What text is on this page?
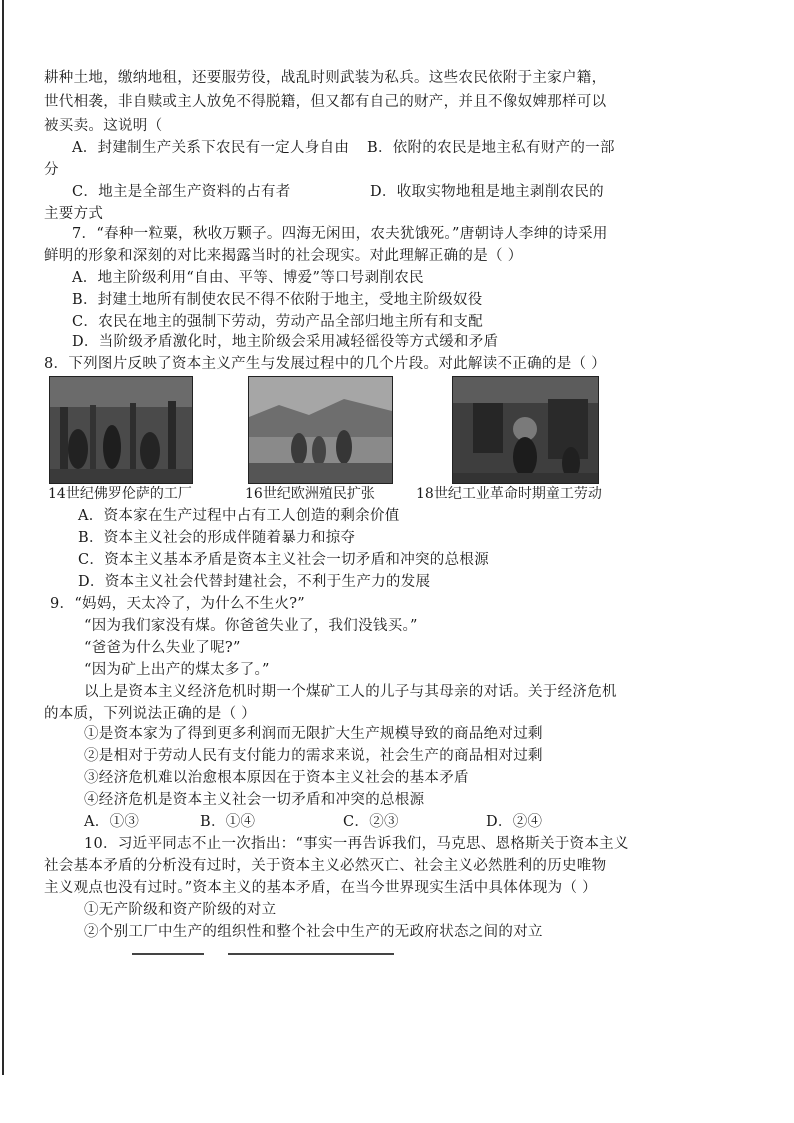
耕种土地，缴纳地租，还要服劳役，战乱时则武装为私兵。这些农民依附于主家户籍，
世代相袭，非自赎或主人放免不得脱籍，但又都有自己的财产，并且不像奴婢那样可以
被买卖。这说明（
A．封建制生产关系下农民有一定人身自由 B．依附的农民是地主私有财产的一部
分
C．地主是全部生产资料的占有者	D．收取实物地租是地主剥削农民的
主要方式
7．“春种一粒粟，秋收万颗子。四海无闲田，农夫犹饿死。”唐朝诗人李绅的诗采用
鲜明的形象和深刻的对比来揭露当时的社会现实。对此理解正确的是（ ）
A．地主阶级利用“自由、平等、博爱”等口号剥削农民
B．封建土地所有制使农民不得不依附于地主，受地主阶级奴役
C．农民在地主的强制下劳动，劳动产品全部归地主所有和支配
D．当阶级矛盾激化时，地主阶级会采用减轻徭役等方式缓和矛盾
8．下列图片反映了资本主义产生与发展过程中的几个片段。对此解读不正确的是（ ）
14世纪佛罗伦萨的工厂	16世纪欧洲殖民扩张	18世纪工业革命时期童工劳动
A．资本家在生产过程中占有工人创造的剩余价值
B．资本主义社会的形成伴随着暴力和掠夺
C．资本主义基本矛盾是资本主义社会一切矛盾和冲突的总根源
D．资本主义社会代替封建社会，不利于生产力的发展
9．“妈妈，天太冷了，为什么不生火?”
“因为我们家没有煤。你爸爸失业了，我们没钱买。”
“爸爸为什么失业了呢?”
“因为矿上出产的煤太多了。”
以上是资本主义经济危机时期一个煤矿工人的儿子与其母亲的对话。关于经济危机
的本质，下列说法正确的是（ ）
①是资本家为了得到更多利润而无限扩大生产规模导致的商品绝对过剩
②是相对于劳动人民有支付能力的需求来说，社会生产的商品相对过剩
③经济危机难以治愈根本原因在于资本主义社会的基本矛盾
④经济危机是资本主义社会一切矛盾和冲突的总根源
A．①③	B．①④	C．②③	D．②④
10．习近平同志不止一次指出：“事实一再告诉我们，马克思、恩格斯关于资本主义
社会基本矛盾的分析没有过时，关于资本主义必然灭亡、社会主义必然胜利的历史唯物
主义观点也没有过时。”资本主义的基本矛盾，在当今世界现实生活中具体体现为（ ）
①无产阶级和资产阶级的对立
②个别工厂中生产的组织性和整个社会中生产的无政府状态之间的对立
